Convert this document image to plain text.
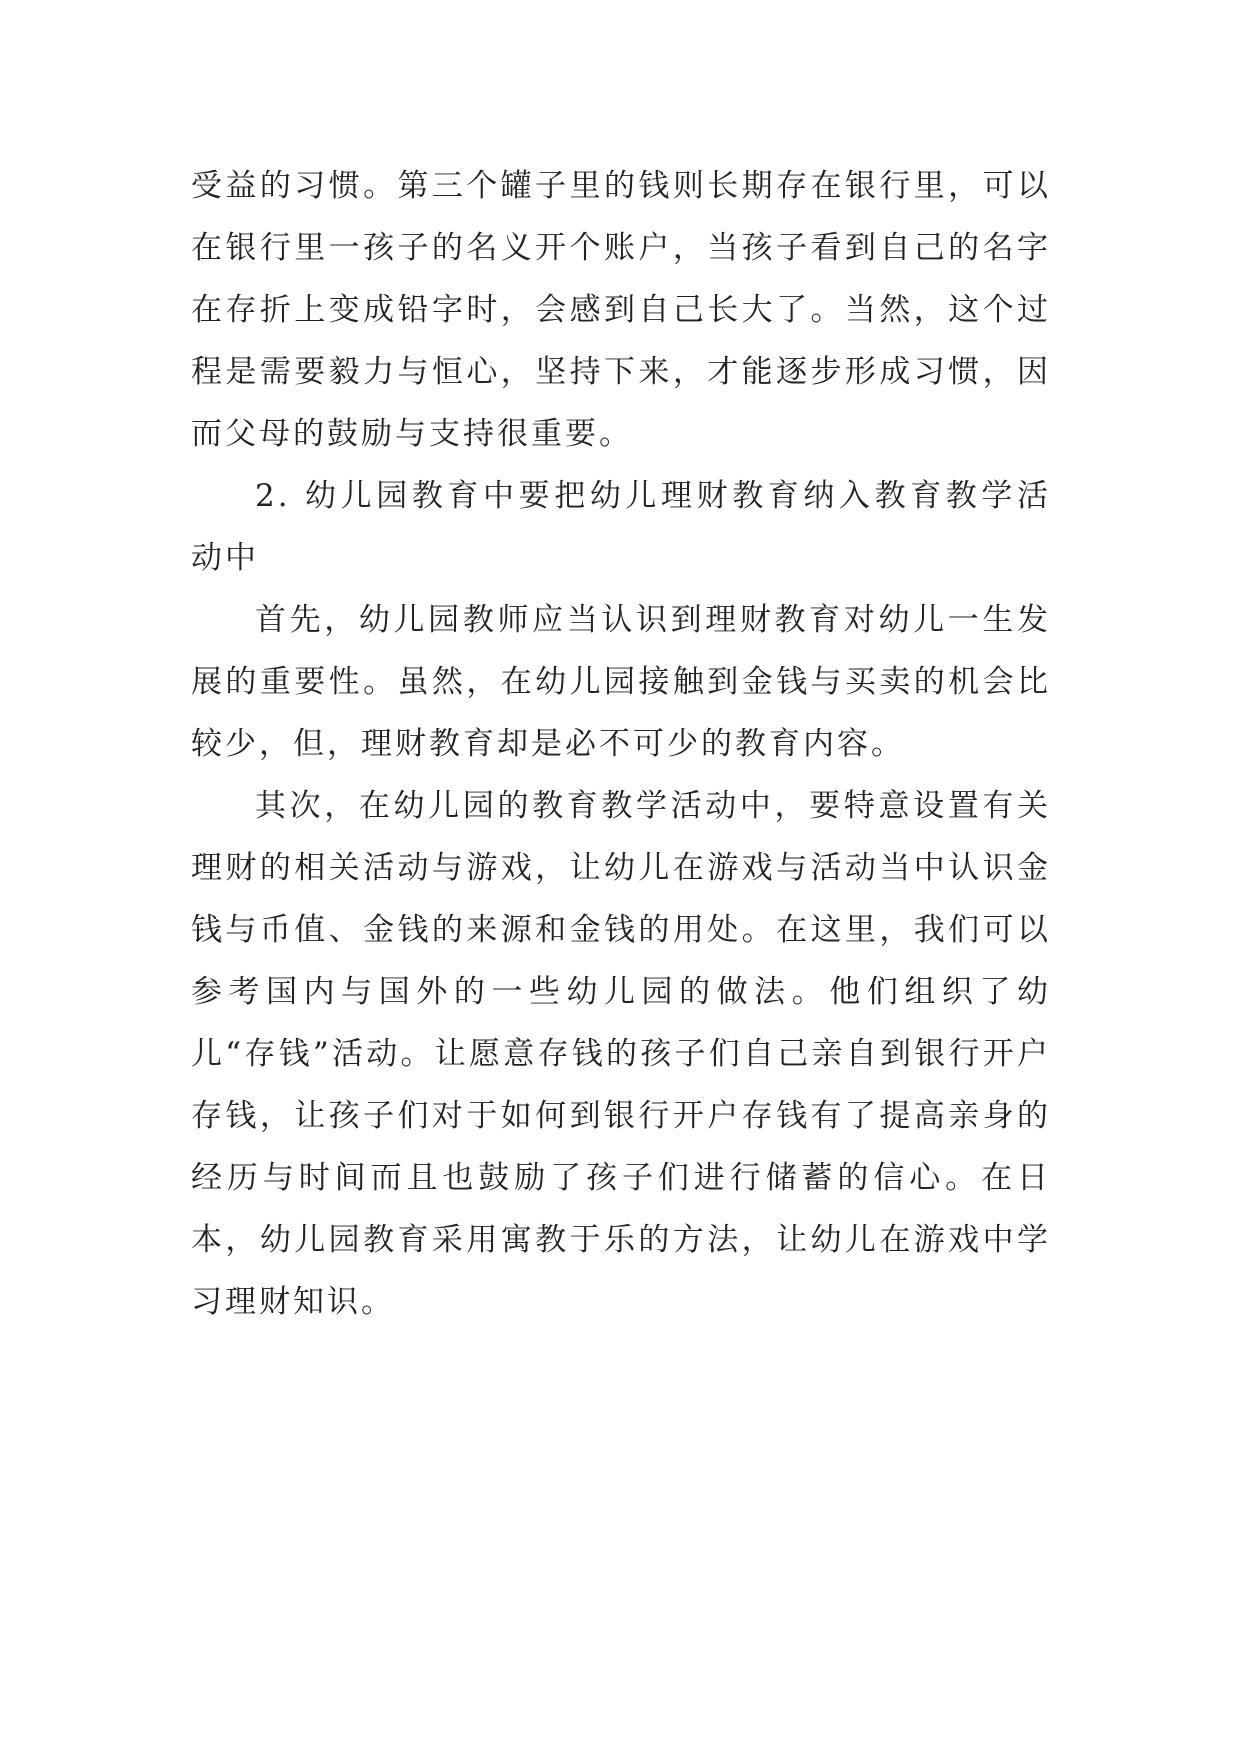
受益的习惯。第三个罐子里的钱则长期存在银行里，可以在银行里一孩子的名义开个账户，当孩子看到自己的名字在存折上变成铅字时，会感到自己长大了。当然，这个过程是需要毅力与恒心，坚持下来，才能逐步形成习惯，因而父母的鼓励与支持很重要。

2. 幼儿园教育中要把幼儿理财教育纳入教育教学活动中

首先，幼儿园教师应当认识到理财教育对幼儿一生发展的重要性。虽然，在幼儿园接触到金钱与买卖的机会比较少，但，理财教育却是必不可少的教育内容。

其次，在幼儿园的教育教学活动中，要特意设置有关理财的相关活动与游戏，让幼儿在游戏与活动当中认识金钱与币值、金钱的来源和金钱的用处。在这里，我们可以参考国内与国外的一些幼儿园的做法。他们组织了幼儿“存钱”活动。让愿意存钱的孩子们自己亲自到银行开户存钱，让孩子们对于如何到银行开户存钱有了提高亲身的经历与时间而且也鼓励了孩子们进行储蓄的信心。在日本，幼儿园教育采用寓教于乐的方法，让幼儿在游戏中学习理财知识。
